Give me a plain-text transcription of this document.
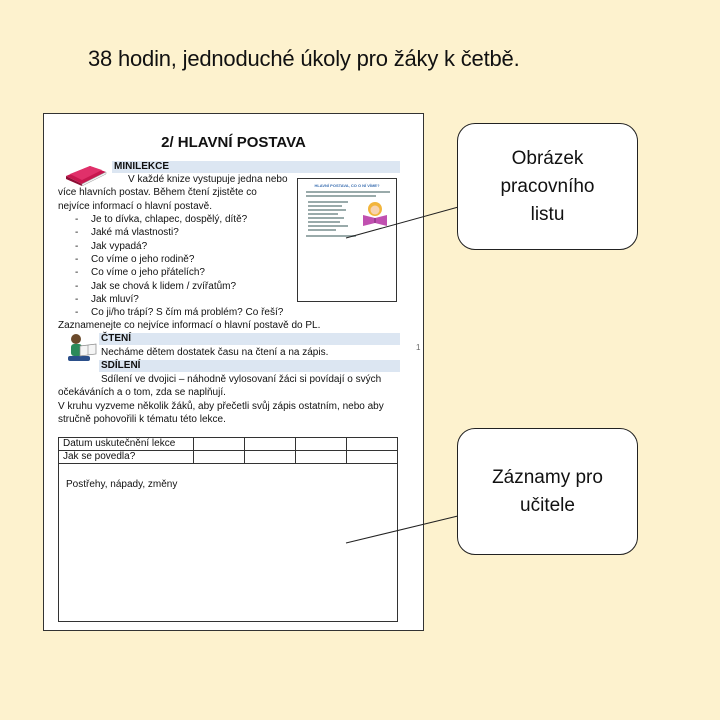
38 hodin, jednoduché úkoly pro žáky k četbě.
2/ HLAVNÍ POSTAVA
MINILEKCE
V každé knize vystupuje jedna nebo
více hlavních postav. Během čtení zjistěte co
nejvíce informací o hlavní postavě.
- Je to dívka, chlapec, dospělý, dítě?
- Jaké má vlastnosti?
- Jak vypadá?
- Co víme o jeho rodině?
- Co víme o jeho přátelích?
- Jak se chová k lidem / zvířatům?
- Jak mluví?
- Co ji/ho trápí? S čím má problém? Co řeší?
Zaznamenejte co nejvíce informací o hlavní postavě do PL.
HLAVNÍ POSTAVA, CO O NÍ VÍME?
ČTENÍ
Necháme dětem dostatek času na čtení a na zápis.
SDÍLENÍ
Sdílení ve dvojici – náhodně vylosovaní žáci si povídají o svých
očekáváních a o tom, zda se naplňují.
V kruhu vyzveme několik žáků, aby přečetli svůj zápis ostatním, nebo aby
stručně pohovořili k tématu této lekce.
Datum uskutečnění lekce
Jak se povedla?
Postřehy, nápady, změny
1
Obrázek pracovního listu
Záznamy pro učitele
